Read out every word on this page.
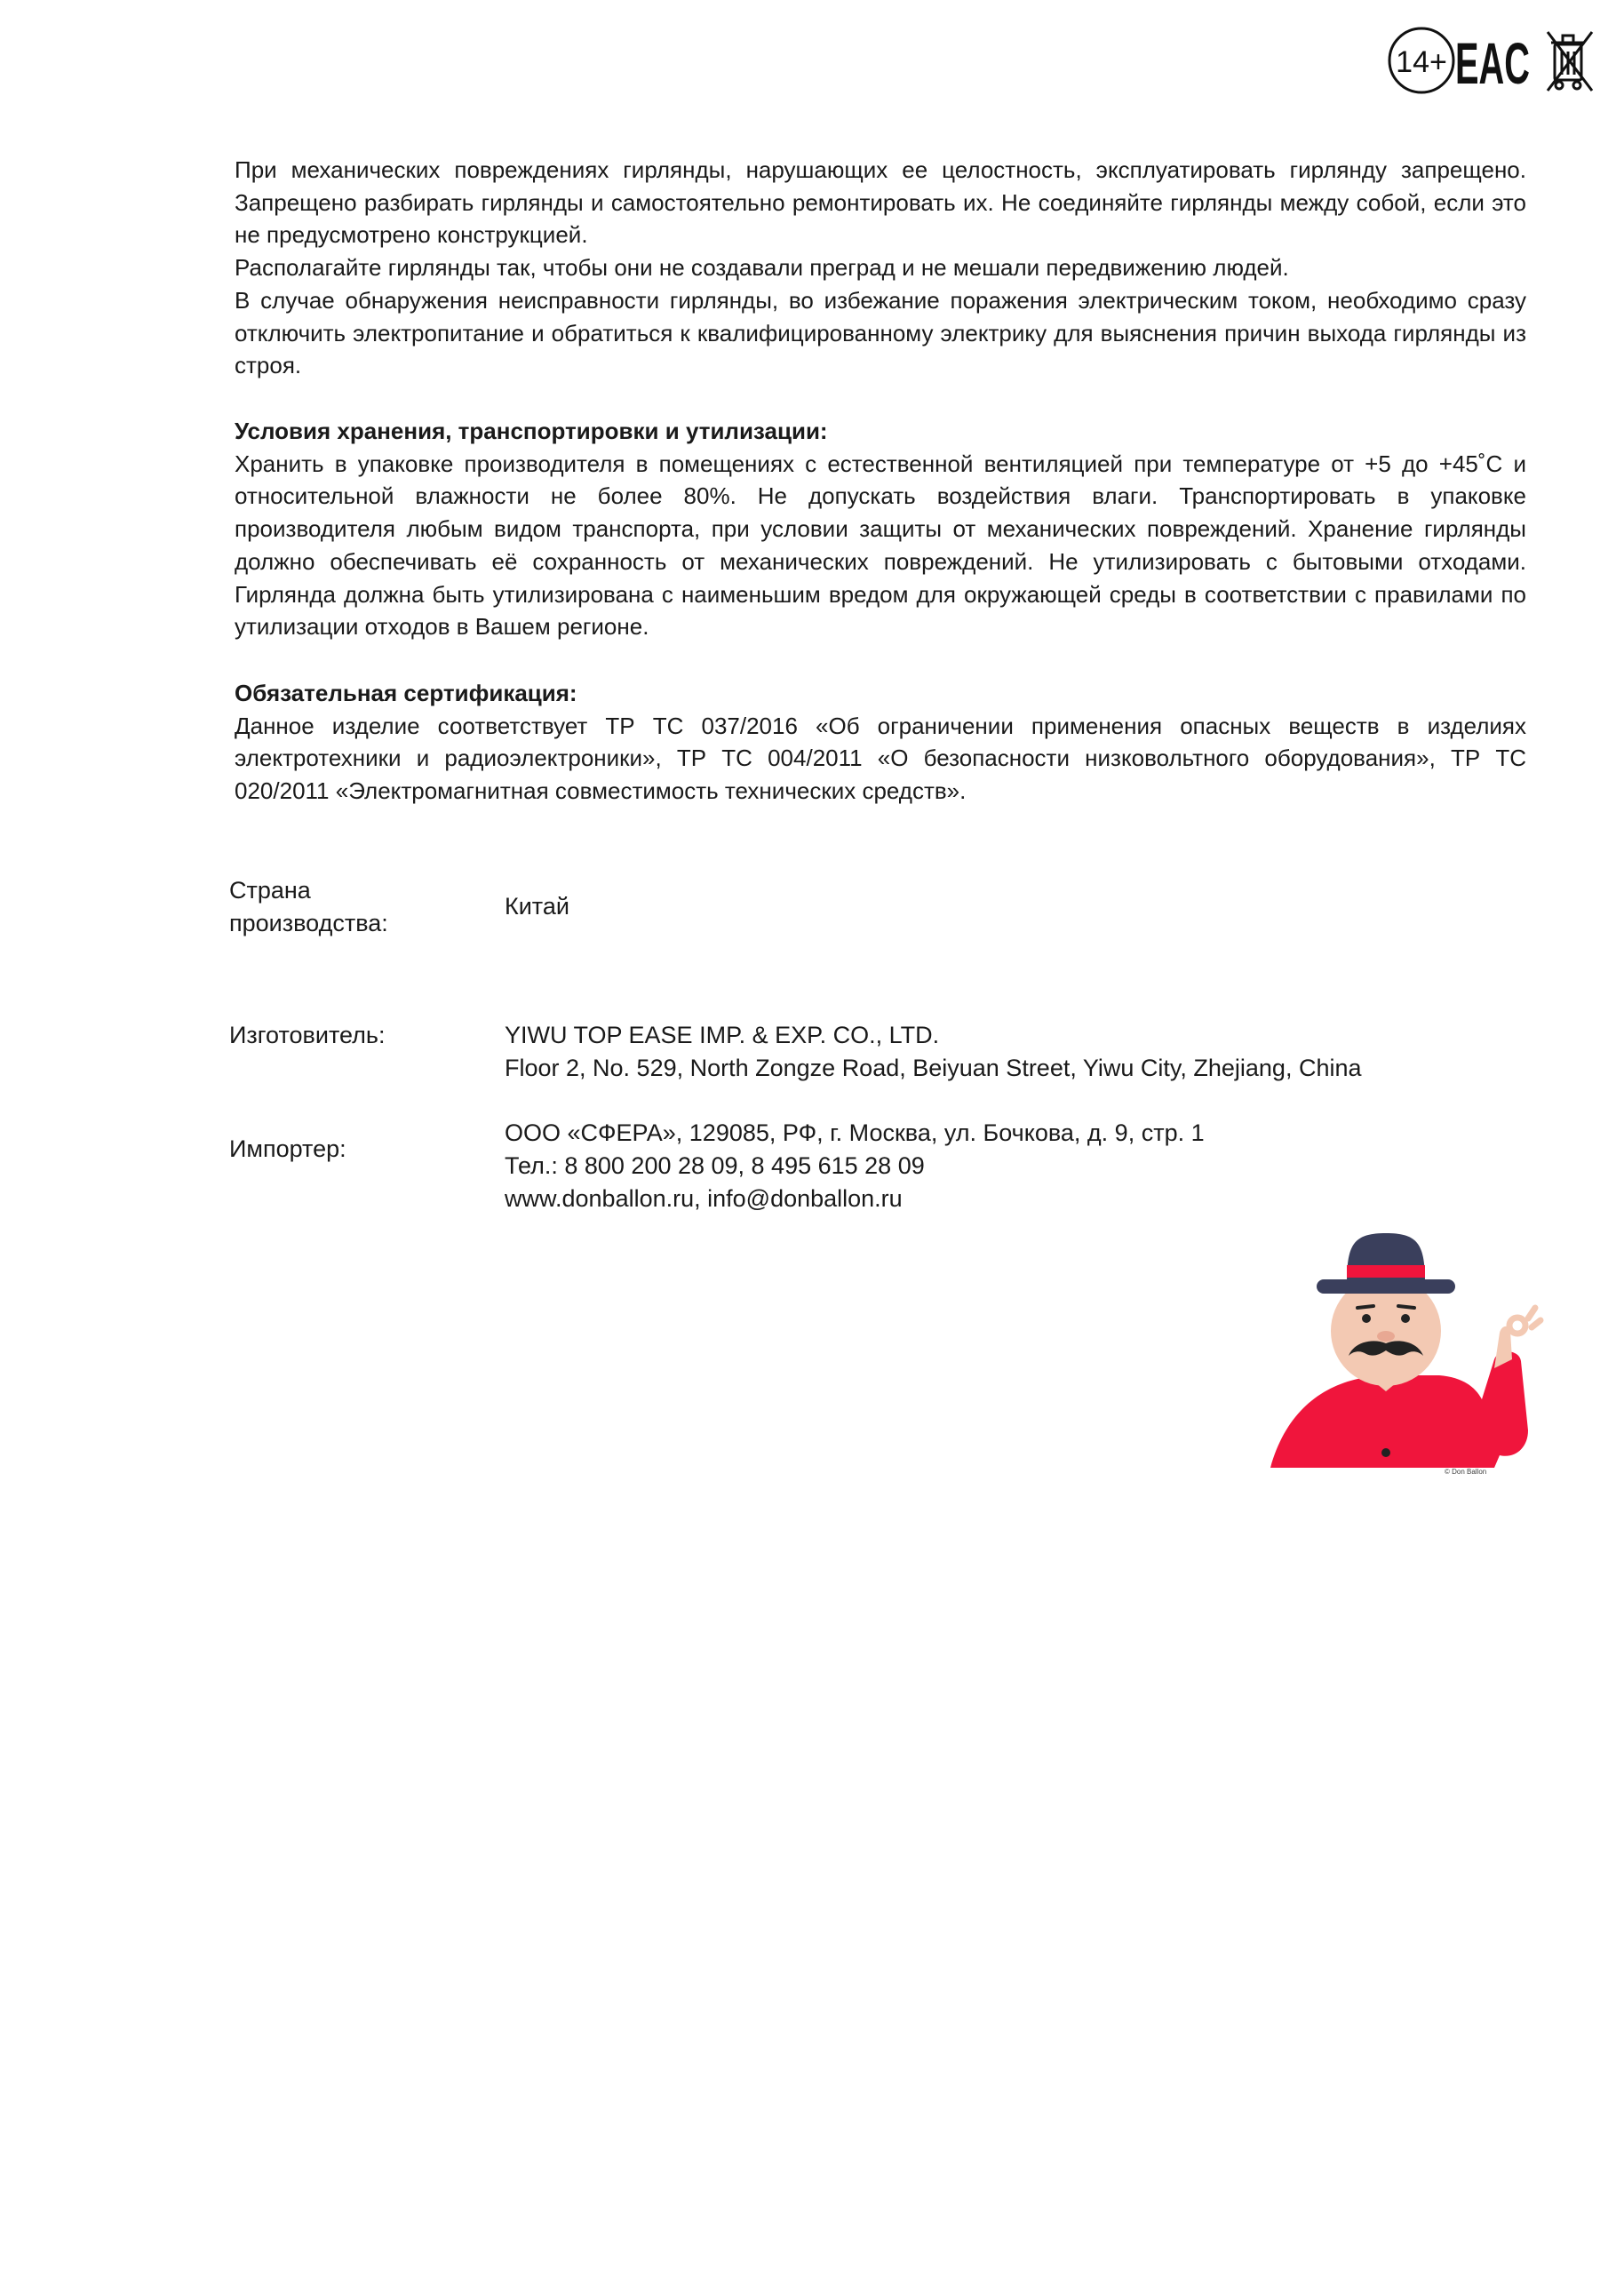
14+ EAC

При механических повреждениях гирлянды, нарушающих ее целостность, эксплуатировать гирлянду запрещено. Запрещено разбирать гирлянды и самостоятельно ремонтировать их. Не соединяйте гирлянды между собой, если это не предусмотрено конструкцией.

Располагайте гирлянды так, чтобы они не создавали преград и не мешали передвижению людей.

В случае обнаружения неисправности гирлянды, во избежание поражения электрическим током, необходимо сразу отключить электропитание и обратиться к квалифицированному электрику для выяснения причин выхода гирлянды из строя.

Условия хранения, транспортировки и утилизации:

Хранить в упаковке производителя в помещениях с естественной вентиляцией при температуре от +5 до +45˚С и относительной влажности не более 80%. Не допускать воздействия влаги. Транспортировать в упаковке производителя любым видом транспорта, при условии защиты от механических повреждений. Хранение гирлянды должно обеспечивать её сохранность от механических повреждений. Не утилизировать с бытовыми отходами. Гирлянда должна быть утилизирована с наименьшим вредом для окружающей среды в соответствии с правилами по утилизации отходов в Вашем регионе.

Обязательная сертификация:

Данное изделие соответствует ТР ТС 037/2016 «Об ограничении применения опасных веществ в изделиях электротехники и радиоэлектроники», ТР ТС 004/2011 «О безопасности низковольтного оборудования», ТР ТС 020/2011 «Электромагнитная совместимость технических средств».

Страна
производства:
Китай
Изготовитель:	YIWU TOP EASE IMP. & EXP. CO., LTD.
Floor 2, No. 529, North Zongze Road, Beiyuan Street, Yiwu City, Zhejiang, China
Импортер:
ООО «СФЕРА», 129085, РФ, г. Москва, ул. Бочкова, д. 9, стр. 1
Тел.: 8 800 200 28 09, 8 495 615 28 09
www.donballon.ru, info@donballon.ru
© Don Ballon
